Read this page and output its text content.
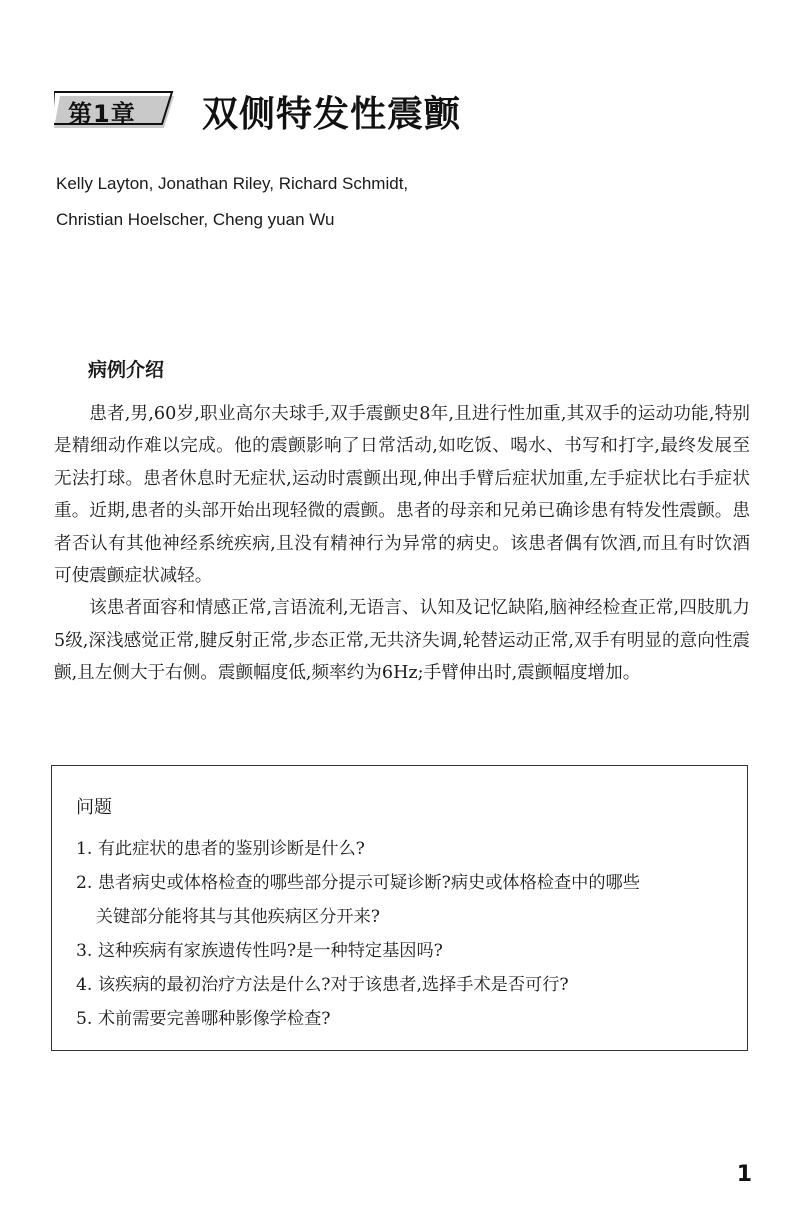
第1章 双侧特发性震颤
Kelly Layton, Jonathan Riley, Richard Schmidt,
Christian Hoelscher, Cheng yuan Wu
病例介绍

患者,男,60岁,职业高尔夫球手,双手震颤史8年,且进行性加重,其双手的运动功能,特别是精细动作难以完成。他的震颤影响了日常活动,如吃饭、喝水、书写和打字,最终发展至无法打球。患者休息时无症状,运动时震颤出现,伸出手臂后症状加重,左手症状比右手症状重。近期,患者的头部开始出现轻微的震颤。患者的母亲和兄弟已确诊患有特发性震颤。患者否认有其他神经系统疾病,且没有精神行为异常的病史。该患者偶有饮酒,而且有时饮酒可使震颤症状减轻。

该患者面容和情感正常,言语流利,无语言、认知及记忆缺陷,脑神经检查正常,四肢肌力5级,深浅感觉正常,腱反射正常,步态正常,无共济失调,轮替运动正常,双手有明显的意向性震颤,且左侧大于右侧。震颤幅度低,频率约为6Hz;手臂伸出时,震颤幅度增加。

问题
1. 有此症状的患者的鉴别诊断是什么?
2. 患者病史或体格检查的哪些部分提示可疑诊断?病史或体格检查中的哪些
关键部分能将其与其他疾病区分开来?
3. 这种疾病有家族遗传性吗?是一种特定基因吗?
4. 该疾病的最初治疗方法是什么?对于该患者,选择手术是否可行?
5. 术前需要完善哪种影像学检查?
1
